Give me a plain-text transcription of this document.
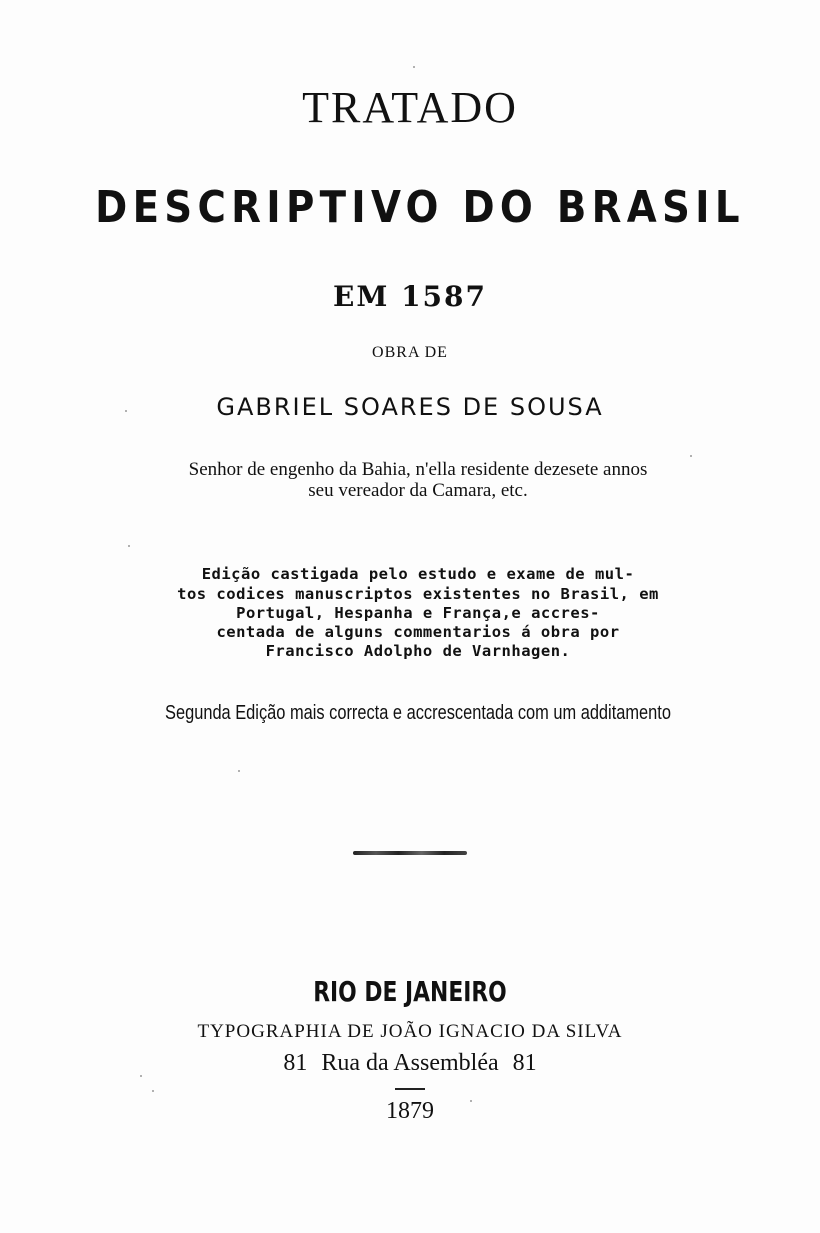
TRATADO
DESCRIPTIVO DO BRASIL
EM 1587
OBRA DE
GABRIEL SOARES DE SOUSA
Senhor de engenho da Bahia, n'ella residente dezesete annos
seu vereador da Camara, etc.
Edição castigada pelo estudo e exame de mul-
tos codices manuscriptos existentes no Brasil, em
Portugal, Hespanha e França,e accres-
centada de alguns commentarios á obra por
Francisco Adolpho de Varnhagen.
Segunda Edição mais correcta e accrescentada com um additamento
RIO DE JANEIRO
TYPOGRAPHIA DE JOÃO IGNACIO DA SILVA
81 Rua da Assembléa 81
1879
